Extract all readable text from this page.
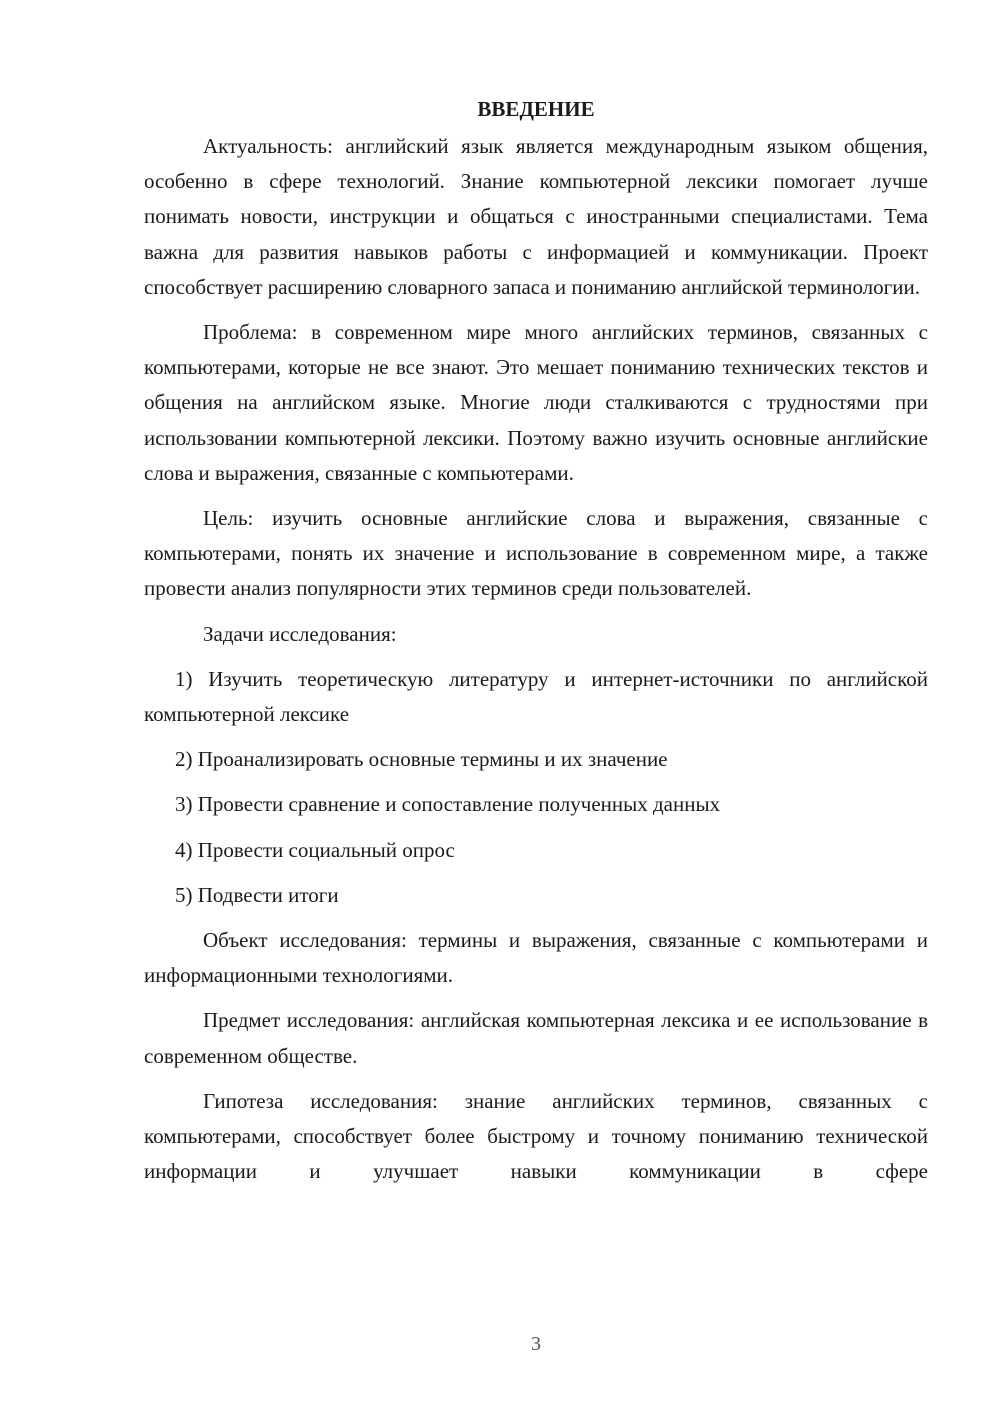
ВВЕДЕНИЕ

Актуальность: английский язык является международным языком общения, особенно в сфере технологий. Знание компьютерной лексики помогает лучше понимать новости, инструкции и общаться с иностранными специалистами. Тема важна для развития навыков работы с информацией и коммуникации. Проект способствует расширению словарного запаса и пониманию английской терминологии.

Проблема: в современном мире много английских терминов, связанных с компьютерами, которые не все знают. Это мешает пониманию технических текстов и общения на английском языке. Многие люди сталкиваются с трудностями при использовании компьютерной лексики. Поэтому важно изучить основные английские слова и выражения, связанные с компьютерами.

Цель: изучить основные английские слова и выражения, связанные с компьютерами, понять их значение и использование в современном мире, а также провести анализ популярности этих терминов среди пользователей.

Задачи исследования:

1) Изучить теоретическую литературу и интернет-источники по английской компьютерной лексике

2) Проанализировать основные термины и их значение

3) Провести сравнение и сопоставление полученных данных

4) Провести социальный опрос

5) Подвести итоги

Объект исследования: термины и выражения, связанные с компьютерами и информационными технологиями.

Предмет исследования: английская компьютерная лексика и ее использование в современном обществе.

Гипотеза исследования: знание английских терминов, связанных с компьютерами, способствует более быстрому и точному пониманию технической информации и улучшает навыки коммуникации в сфере

3
